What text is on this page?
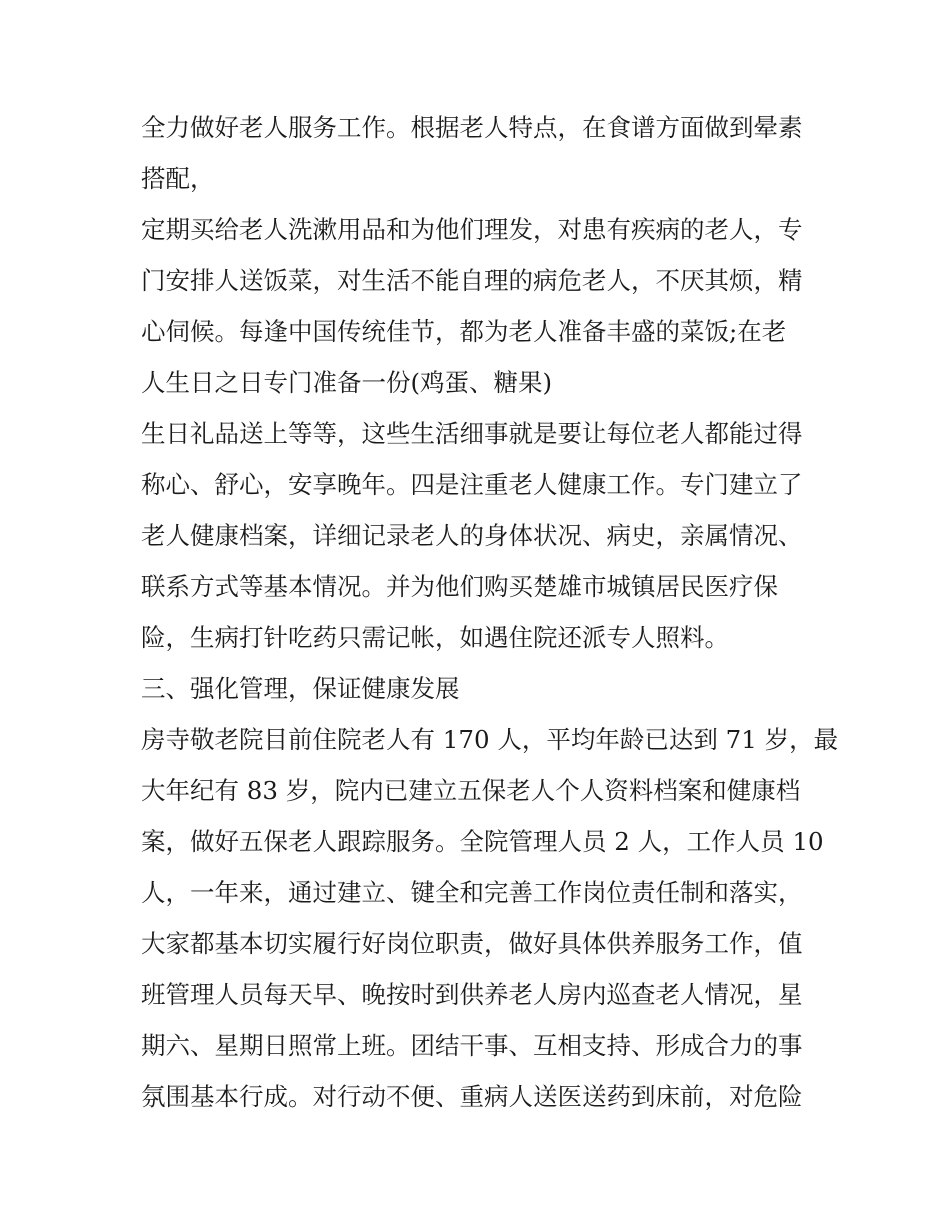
全力做好老人服务工作。根据老人特点，在食谱方面做到晕素
搭配，
定期买给老人洗漱用品和为他们理发，对患有疾病的老人，专
门安排人送饭菜，对生活不能自理的病危老人，不厌其烦，精
心伺候。每逢中国传统佳节，都为老人准备丰盛的菜饭;在老
人生日之日专门准备一份(鸡蛋、糖果)
生日礼品送上等等，这些生活细事就是要让每位老人都能过得
称心、舒心，安享晚年。四是注重老人健康工作。专门建立了
老人健康档案，详细记录老人的身体状况、病史，亲属情况、
联系方式等基本情况。并为他们购买楚雄市城镇居民医疗保
险，生病打针吃药只需记帐，如遇住院还派专人照料。
三、强化管理，保证健康发展
房寺敬老院目前住院老人有 170 人，平均年龄已达到 71 岁，最
大年纪有 83 岁，院内已建立五保老人个人资料档案和健康档
案，做好五保老人跟踪服务。全院管理人员 2 人，工作人员 10
人，一年来，通过建立、键全和完善工作岗位责任制和落实，
大家都基本切实履行好岗位职责，做好具体供养服务工作，值
班管理人员每天早、晚按时到供养老人房内巡查老人情况，星
期六、星期日照常上班。团结干事、互相支持、形成合力的事
氛围基本行成。对行动不便、重病人送医送药到床前，对危险
